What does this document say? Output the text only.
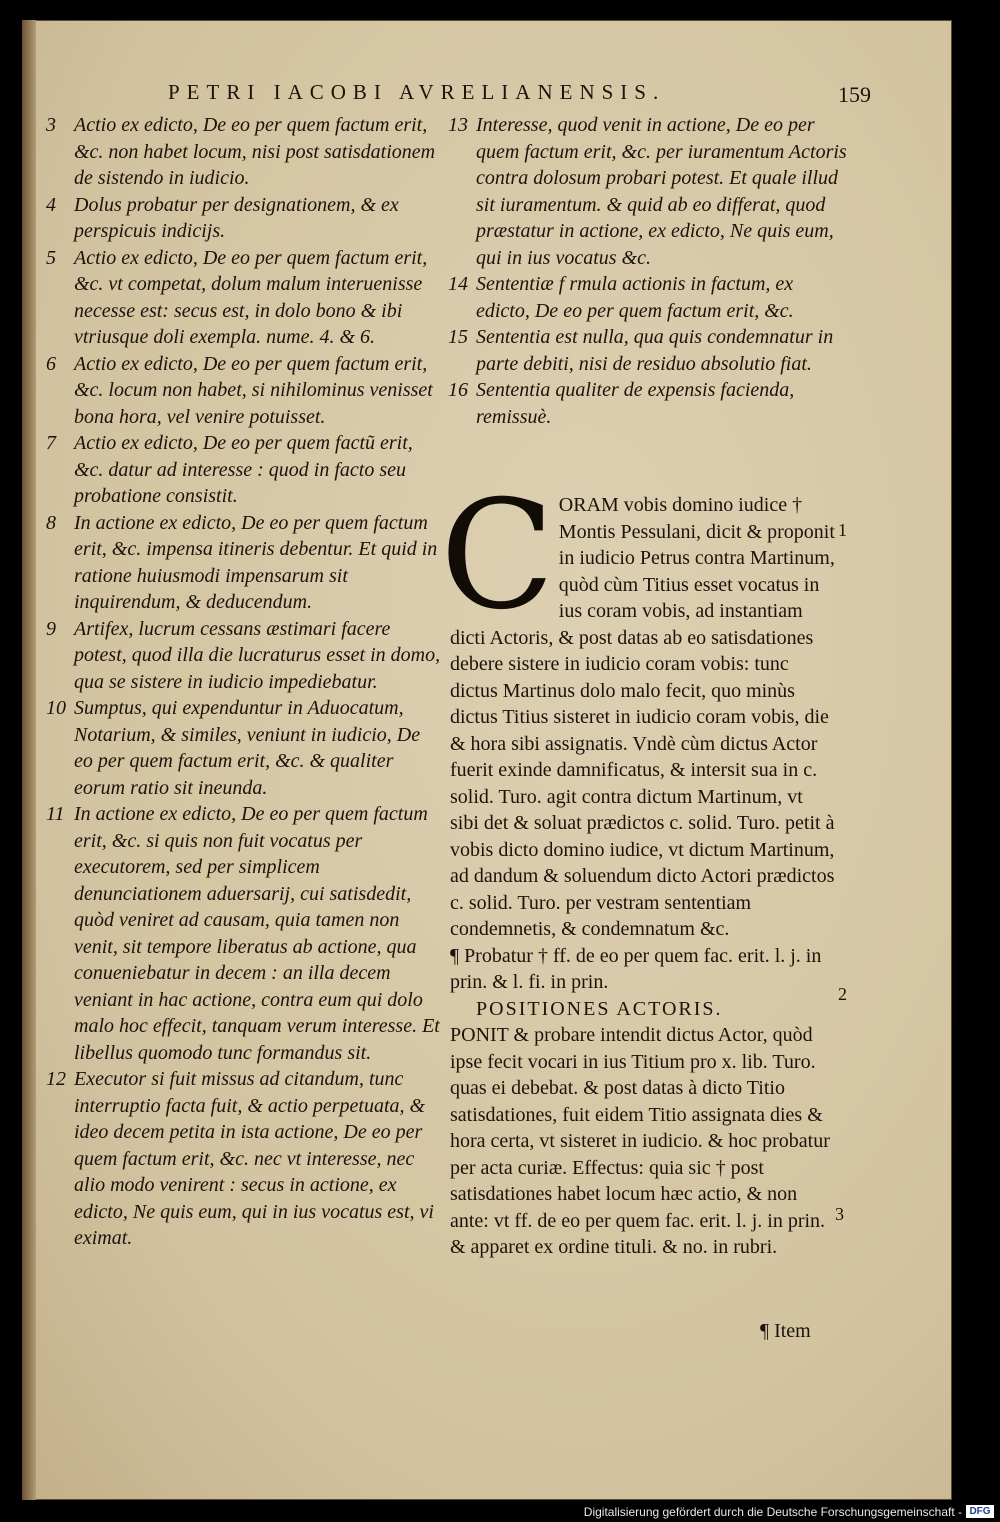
PETRI IACOBI AVRELIANENSIS.	159
3 Actio ex edicto, De eo per quem factum erit, &c. non habet locum, nisi post satisdationem de sistendo in iudicio.
4 Dolus probatur per designationem, & ex perspicuis indicijs.
5 Actio ex edicto, De eo per quem factum erit, &c. vt competat, dolum malum interuenisse necesse est: secus est, in dolo bono & ibi vtriusque doli exempla. nume. 4. & 6.
6 Actio ex edicto, De eo per quem factum erit, &c. locum non habet, si nihilominus venisset bona hora, vel venire potuisset.
7 Actio ex edicto, De eo per quem factũ erit, &c. datur ad interesse : quod in facto seu probatione consistit.
8 In actione ex edicto, De eo per quem factum erit, &c. impensa itineris debentur. Et quid in ratione huiusmodi impensarum sit inquirendum, & deducendum.
9 Artifex, lucrum cessans æstimari facere potest, quod illa die lucraturus esset in domo, qua se sistere in iudicio impediebatur.
10 Sumptus, qui expenduntur in Aduocatum, Notarium, & similes, veniunt in iudicio, De eo per quem factum erit, &c. & qualiter eorum ratio sit ineunda.
11 In actione ex edicto, De eo per quem factum erit, &c. si quis non fuit vocatus per executorem, sed per simplicem denunciationem aduersarij, cui satisdedit, quòd veniret ad causam, quia tamen non venit, sit tempore liberatus ab actione, qua conueniebatur in decem : an illa decem veniant in hac actione, contra eum qui dolo malo hoc effecit, tanquam verum interesse. Et libellus quomodo tunc formandus sit.
12 Executor si fuit missus ad citandum, tunc interruptio facta fuit, & actio perpetuata, & ideo decem petita in ista actione, De eo per quem factum erit, &c. nec vt interesse, nec alio modo venirent : secus in actione, ex edicto, Ne quis eum, qui in ius vocatus est, vi eximat.
13 Interesse, quod venit in actione, De eo per quem factum erit, &c. per iuramentum Actoris contra dolosum probari potest. Et quale illud sit iuramentum. & quid ab eo differat, quod præstatur in actione, ex edicto, Ne quis eum, qui in ius vocatus &c.
14 Sententiæ f rmula actionis in factum, ex edicto, De eo per quem factum erit, &c.
15 Sententia est nulla, qua quis condemnatur in parte debiti, nisi de residuo absolutio fiat.
16 Sententia qualiter de expensis facienda, remissuè.
C ORAM vobis domino iudice † Montis Pessulani, dicit & proponit in iudicio Petrus contra Martinum, quòd cùm Titius esset vocatus in ius coram vobis, ad instantiam dicti Actoris, & post datas ab eo satisdationes debere sistere in iudicio coram vobis: tunc dictus Martinus dolo malo fecit, quo minùs dictus Titius sisteret in iudicio coram vobis, die & hora sibi assignatis. Vndè cùm dictus Actor fuerit exinde damnificatus, & intersit sua in c. solid. Turo. agit contra dictum Martinum, vt sibi det & soluat prædictos c. solid. Turo. petit à vobis dicto domino iudice, vt dictum Martinum, ad dandum & soluendum dicto Actori prædictos c. solid. Turo. per vestram sententiam condemnetis, & condemnatum &c.

¶ Probatur † ff. de eo per quem fac. erit. l. j. in prin. & l. fi. in prin.

POSITIONES ACTORIS.

PONIT & probare intendit dictus Actor, quòd ipse fecit vocari in ius Titium pro x. lib. Turo. quas ei debebat. & post datas à dicto Titio satisdationes, fuit eidem Titio assignata dies & hora certa, vt sisteret in iudicio. & hoc probatur per acta curiæ. Effectus: quia sic † post satisdationes habet locum hæc actio, & non ante: vt ff. de eo per quem fac. erit. l. j. in prin. & apparet ex ordine tituli. & no. in rubri.

1
2
3
¶ Item
Digitalisierung gefördert durch die Deutsche Forschungsgemeinschaft - DFG
